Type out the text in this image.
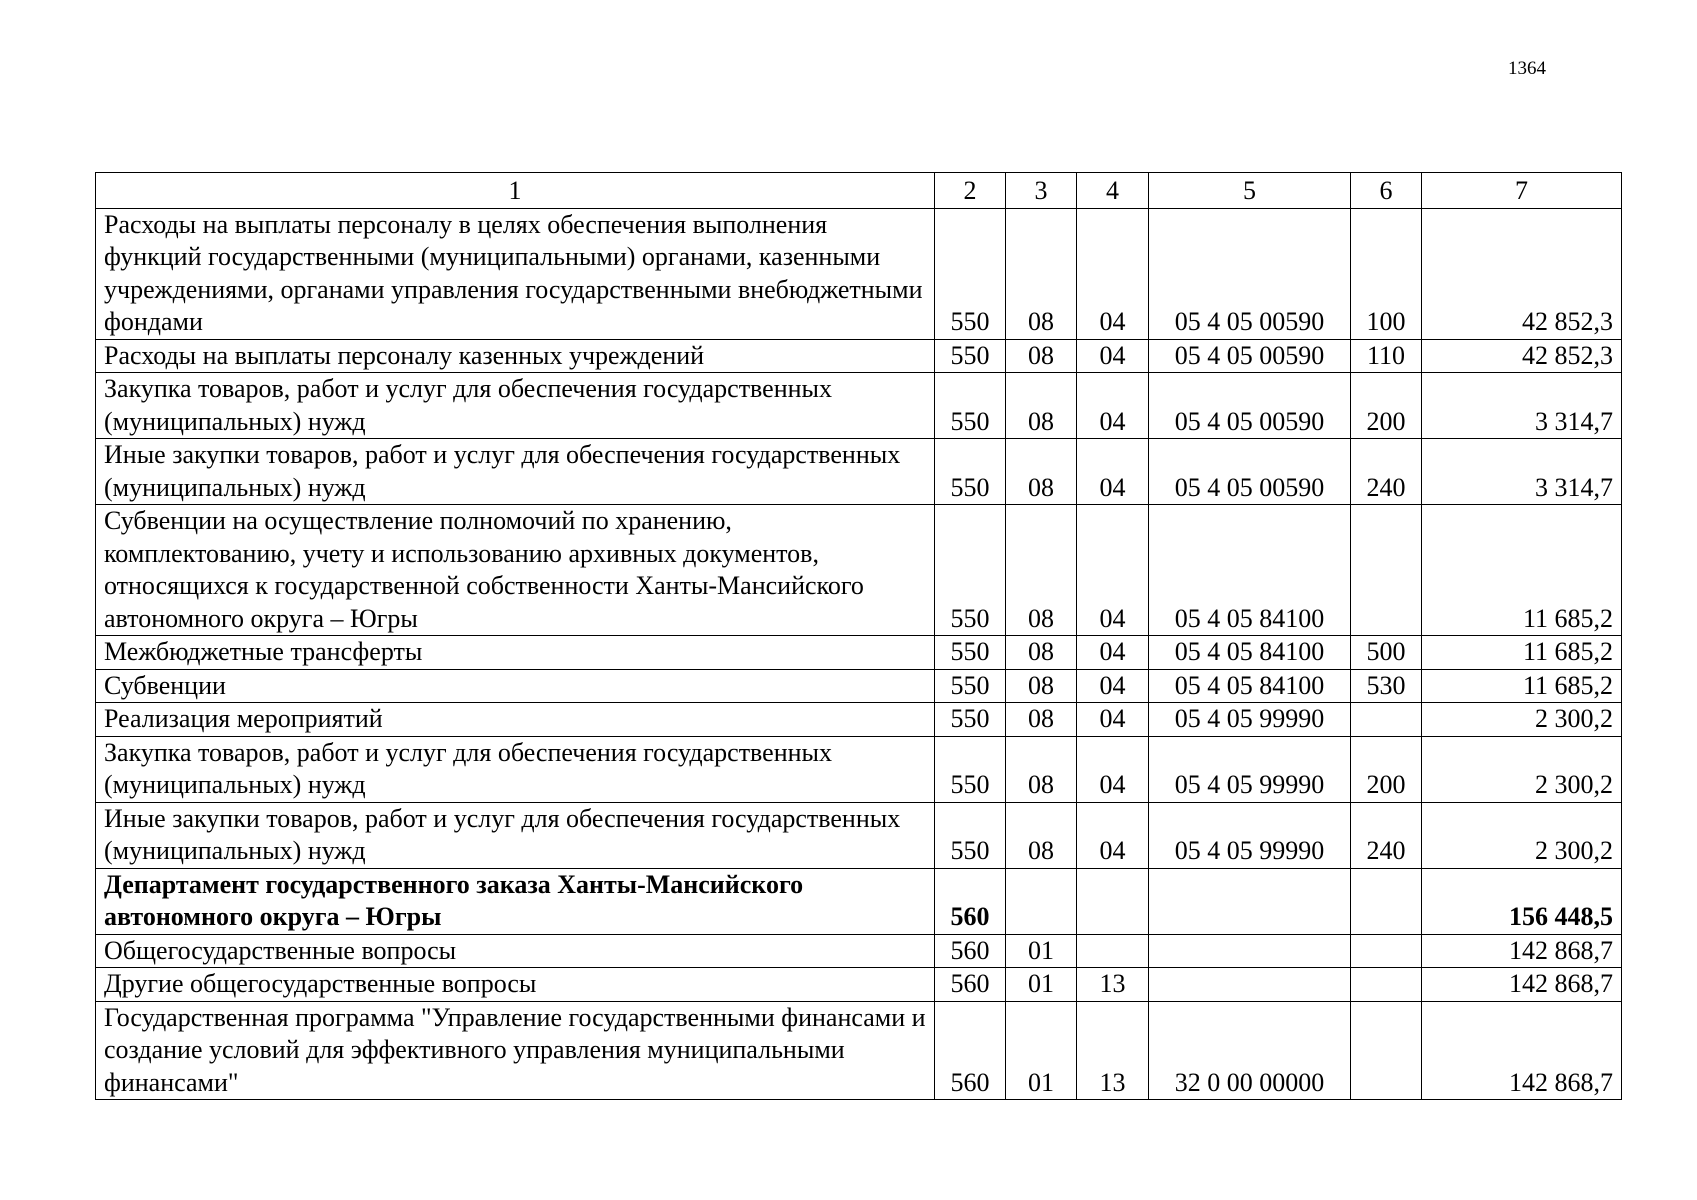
1364
1	2	3	4	5	6	7
Расходы на выплаты персоналу в целях обеспечения выполнения функций государственными (муниципальными) органами, казенными учреждениями, органами управления государственными внебюджетными фондами	550	08	04	05 4 05 00590	100	42 852,3
Расходы на выплаты персоналу казенных учреждений	550	08	04	05 4 05 00590	110	42 852,3
Закупка товаров, работ и услуг для обеспечения государственных (муниципальных) нужд	550	08	04	05 4 05 00590	200	3 314,7
Иные закупки товаров, работ и услуг для обеспечения государственных (муниципальных) нужд	550	08	04	05 4 05 00590	240	3 314,7
Субвенции на осуществление полномочий по хранению, комплектованию, учету и использованию архивных документов, относящихся к государственной собственности Ханты-Мансийского автономного округа – Югры	550	08	04	05 4 05 84100		11 685,2
Межбюджетные трансферты	550	08	04	05 4 05 84100	500	11 685,2
Субвенции	550	08	04	05 4 05 84100	530	11 685,2
Реализация мероприятий	550	08	04	05 4 05 99990		2 300,2
Закупка товаров, работ и услуг для обеспечения государственных (муниципальных) нужд	550	08	04	05 4 05 99990	200	2 300,2
Иные закупки товаров, работ и услуг для обеспечения государственных (муниципальных) нужд	550	08	04	05 4 05 99990	240	2 300,2
Департамент государственного заказа Ханты-Мансийского автономного округа – Югры	560					156 448,5
Общегосударственные вопросы	560	01				142 868,7
Другие общегосударственные вопросы	560	01	13			142 868,7
Государственная программа "Управление государственными финансами и создание условий для эффективного управления муниципальными финансами"	560	01	13	32 0 00 00000		142 868,7
